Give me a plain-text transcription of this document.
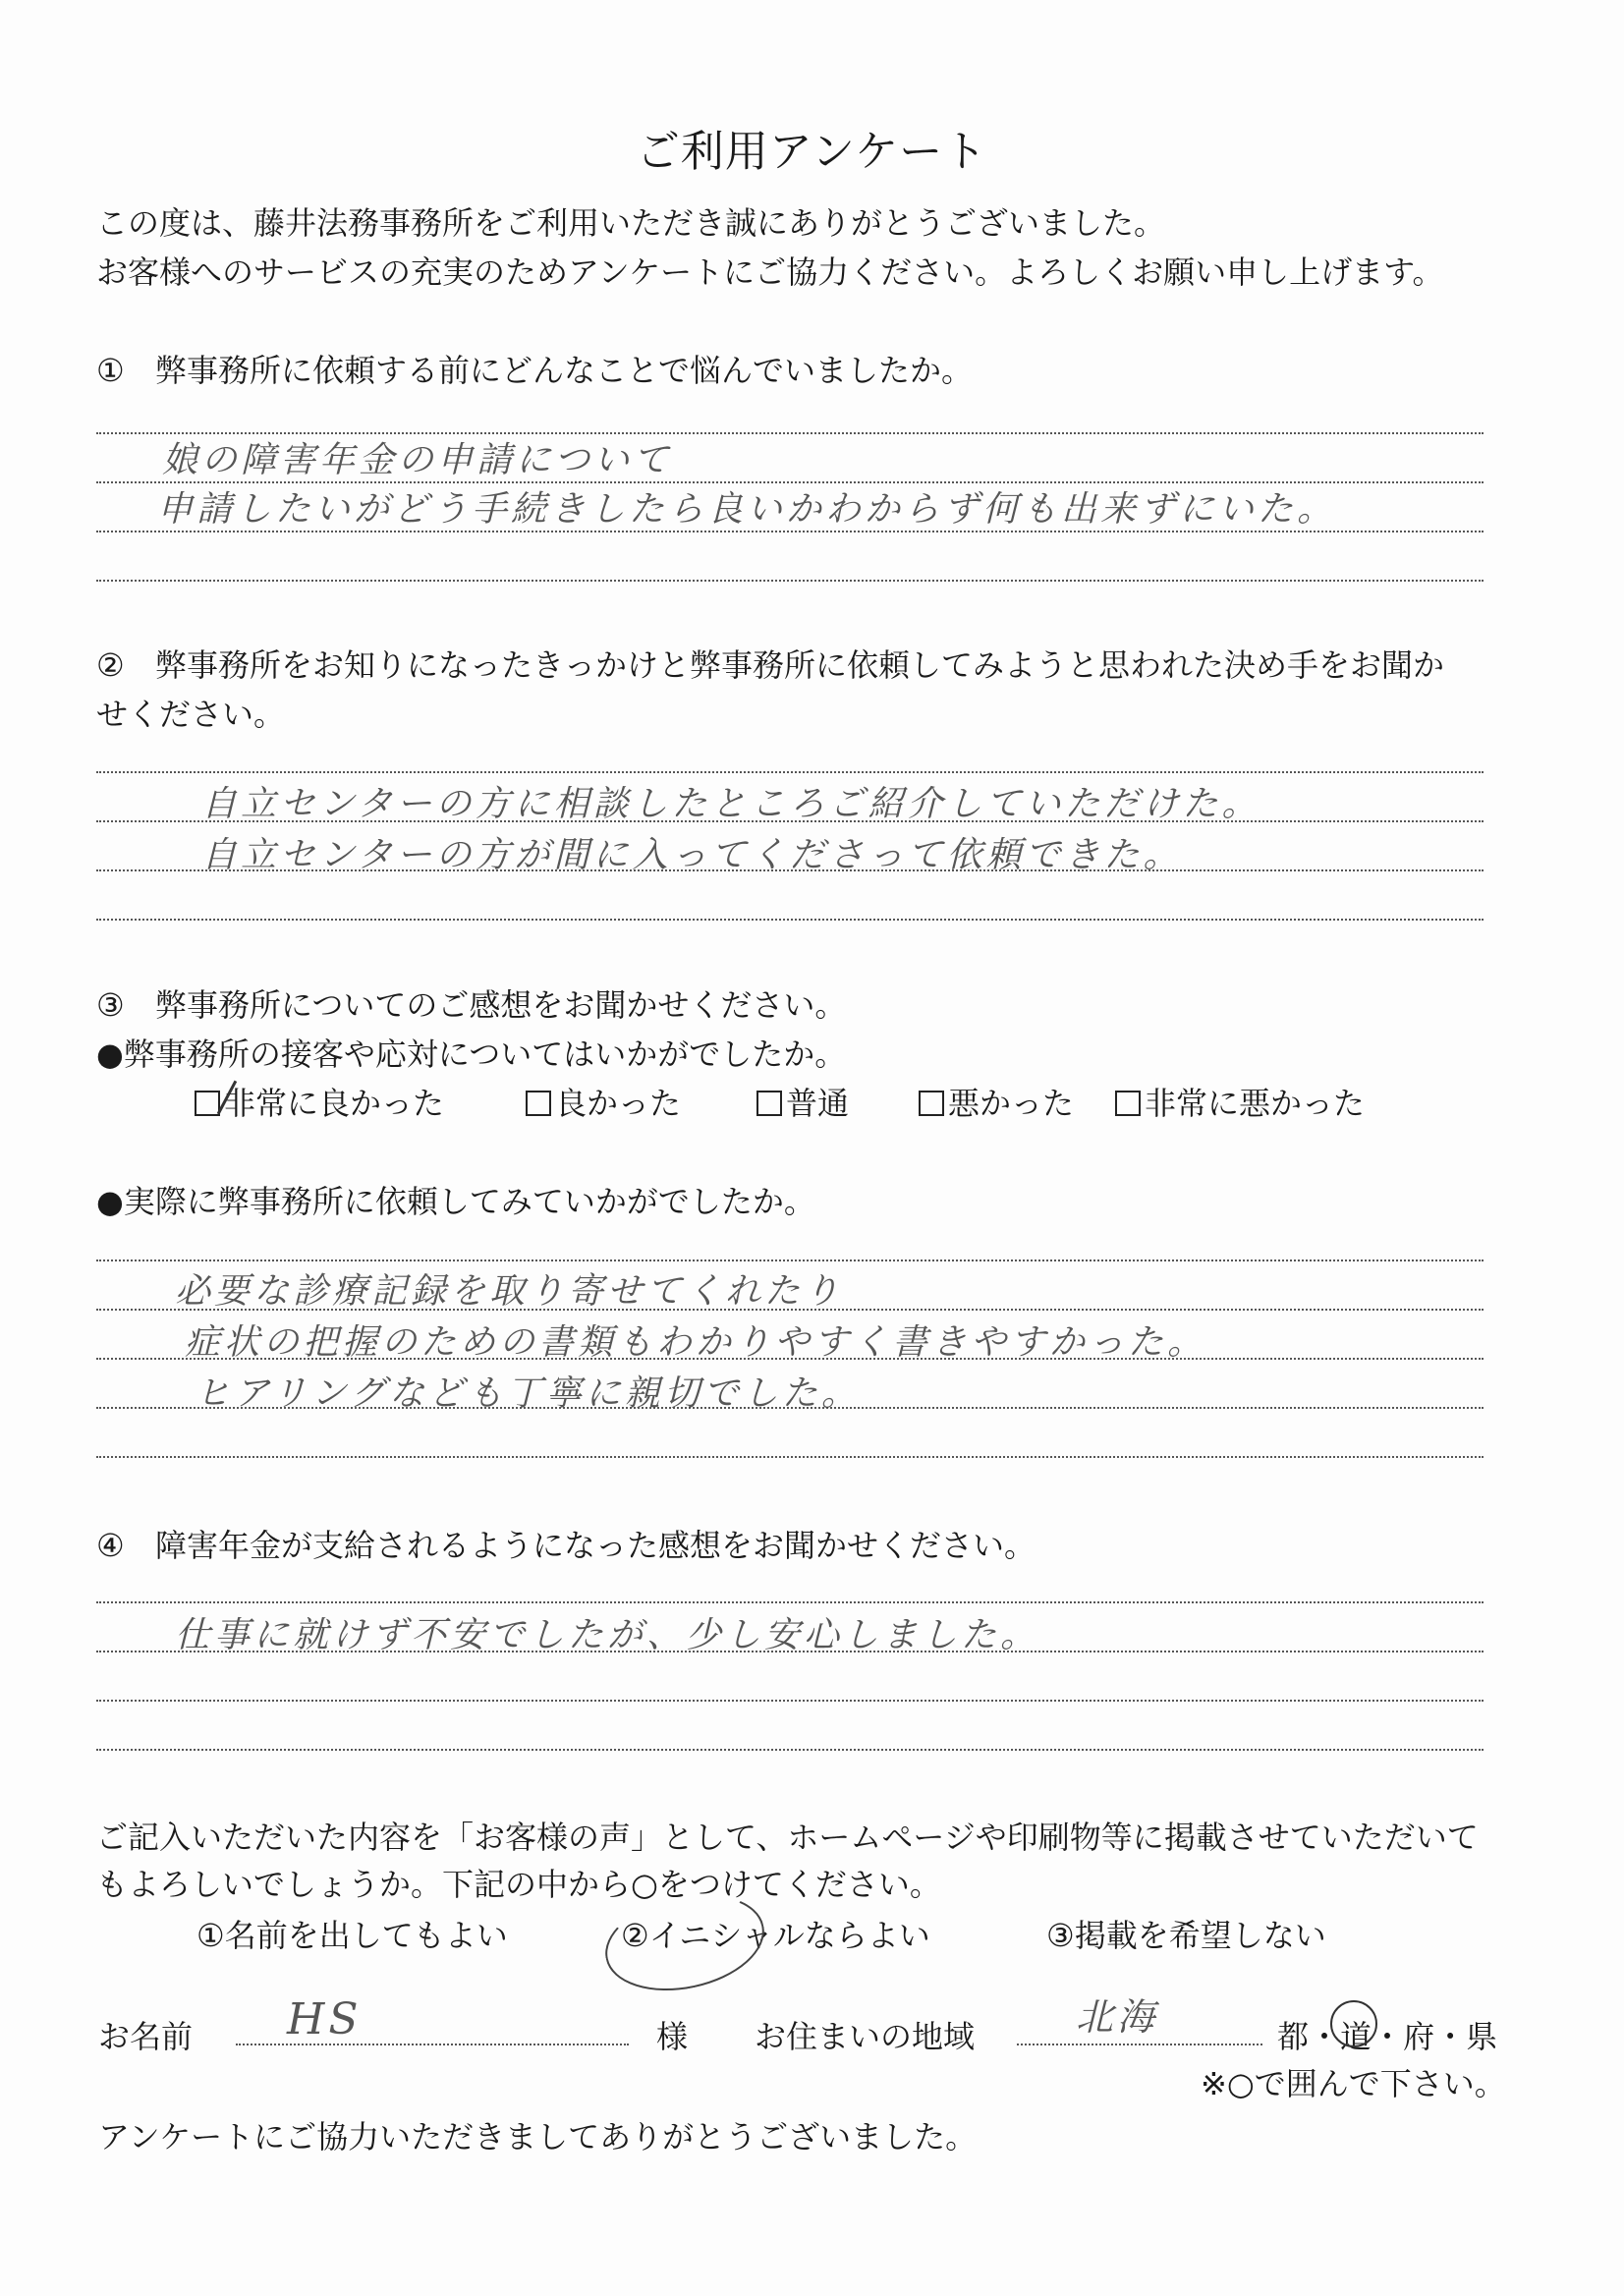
ご利用アンケート
この度は、藤井法務事務所をご利用いただき誠にありがとうございました。
お客様へのサービスの充実のためアンケートにご協力ください。よろしくお願い申し上げます。
① 弊事務所に依頼する前にどんなことで悩んでいましたか。
娘の障害年金の申請について
申請したいがどう手続きしたら良いかわからず何も出来ずにいた。
② 弊事務所をお知りになったきっかけと弊事務所に依頼してみようと思われた決め手をお聞か
せください。
自立センターの方に相談したところご紹介していただけた。
自立センターの方が間に入ってくださって依頼できた。
③ 弊事務所についてのご感想をお聞かせください。
●弊事務所の接客や応対についてはいかがでしたか。
非常に良かった	良かった	普通	悪かった	非常に悪かった
●実際に弊事務所に依頼してみていかがでしたか。
必要な診療記録を取り寄せてくれたり
症状の把握のための書類もわかりやすく書きやすかった。
ヒアリングなども丁寧に親切でした。
④ 障害年金が支給されるようになった感想をお聞かせください。
仕事に就けず不安でしたが、少し安心しました。
ご記入いただいた内容を「お客様の声」として、ホームページや印刷物等に掲載させていただいて
もよろしいでしょうか。下記の中から○をつけてください。
①名前を出してもよい	②イニシャルならよい	③掲載を希望しない
お名前 HS	様 お住まいの地域	北海	都・道・府・県
※○で囲んで下さい。
アンケートにご協力いただきましてありがとうございました。
